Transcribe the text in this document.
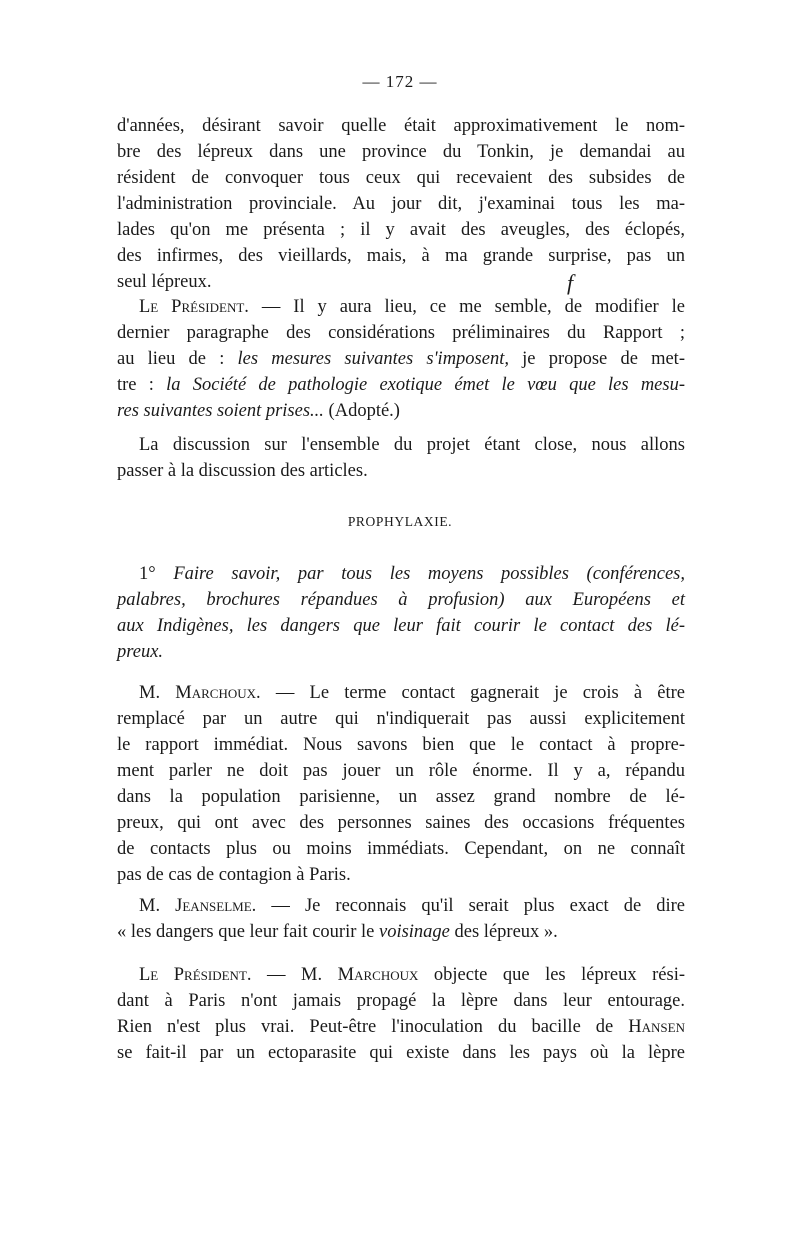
— 172 —
d'années, désirant savoir quelle était approximativement le nom-
bre des lépreux dans une province du Tonkin, je demandai au
résident de convoquer tous ceux qui recevaient des subsides de
l'administration provinciale. Au jour dit, j'examinai tous les ma-
lades qu'on me présenta ; il y avait des aveugles, des éclopés,
des infirmes, des vieillards, mais, à ma grande surprise, pas un
seul lépreux.	f
Le Président. — Il y aura lieu, ce me semble, de modifier le
dernier paragraphe des considérations préliminaires du Rapport ;
au lieu de : les mesures suivantes s'imposent, je propose de met-
tre : la Société de pathologie exotique émet le vœu que les mesu-
res suivantes soient prises... (Adopté.)
La discussion sur l'ensemble du projet étant close, nous allons
passer à la discussion des articles.
PROPHYLAXIE.
1° Faire savoir, par tous les moyens possibles (conférences,
palabres, brochures répandues à profusion) aux Européens et
aux Indigènes, les dangers que leur fait courir le contact des lé-
preux.
M. Marchoux. — Le terme contact gagnerait je crois à être
remplacé par un autre qui n'indiquerait pas aussi explicitement
le rapport immédiat. Nous savons bien que le contact à propre-
ment parler ne doit pas jouer un rôle énorme. Il y a, répandu
dans la population parisienne, un assez grand nombre de lé-
preux, qui ont avec des personnes saines des occasions fréquentes
de contacts plus ou moins immédiats. Cependant, on ne connaît
pas de cas de contagion à Paris.
M. Jeanselme. — Je reconnais qu'il serait plus exact de dire
« les dangers que leur fait courir le voisinage des lépreux ».
Le Président. — M. Marchoux objecte que les lépreux rési-
dant à Paris n'ont jamais propagé la lèpre dans leur entourage.
Rien n'est plus vrai. Peut-être l'inoculation du bacille de Hansen
se fait-il par un ectoparasite qui existe dans les pays où la lèpre
